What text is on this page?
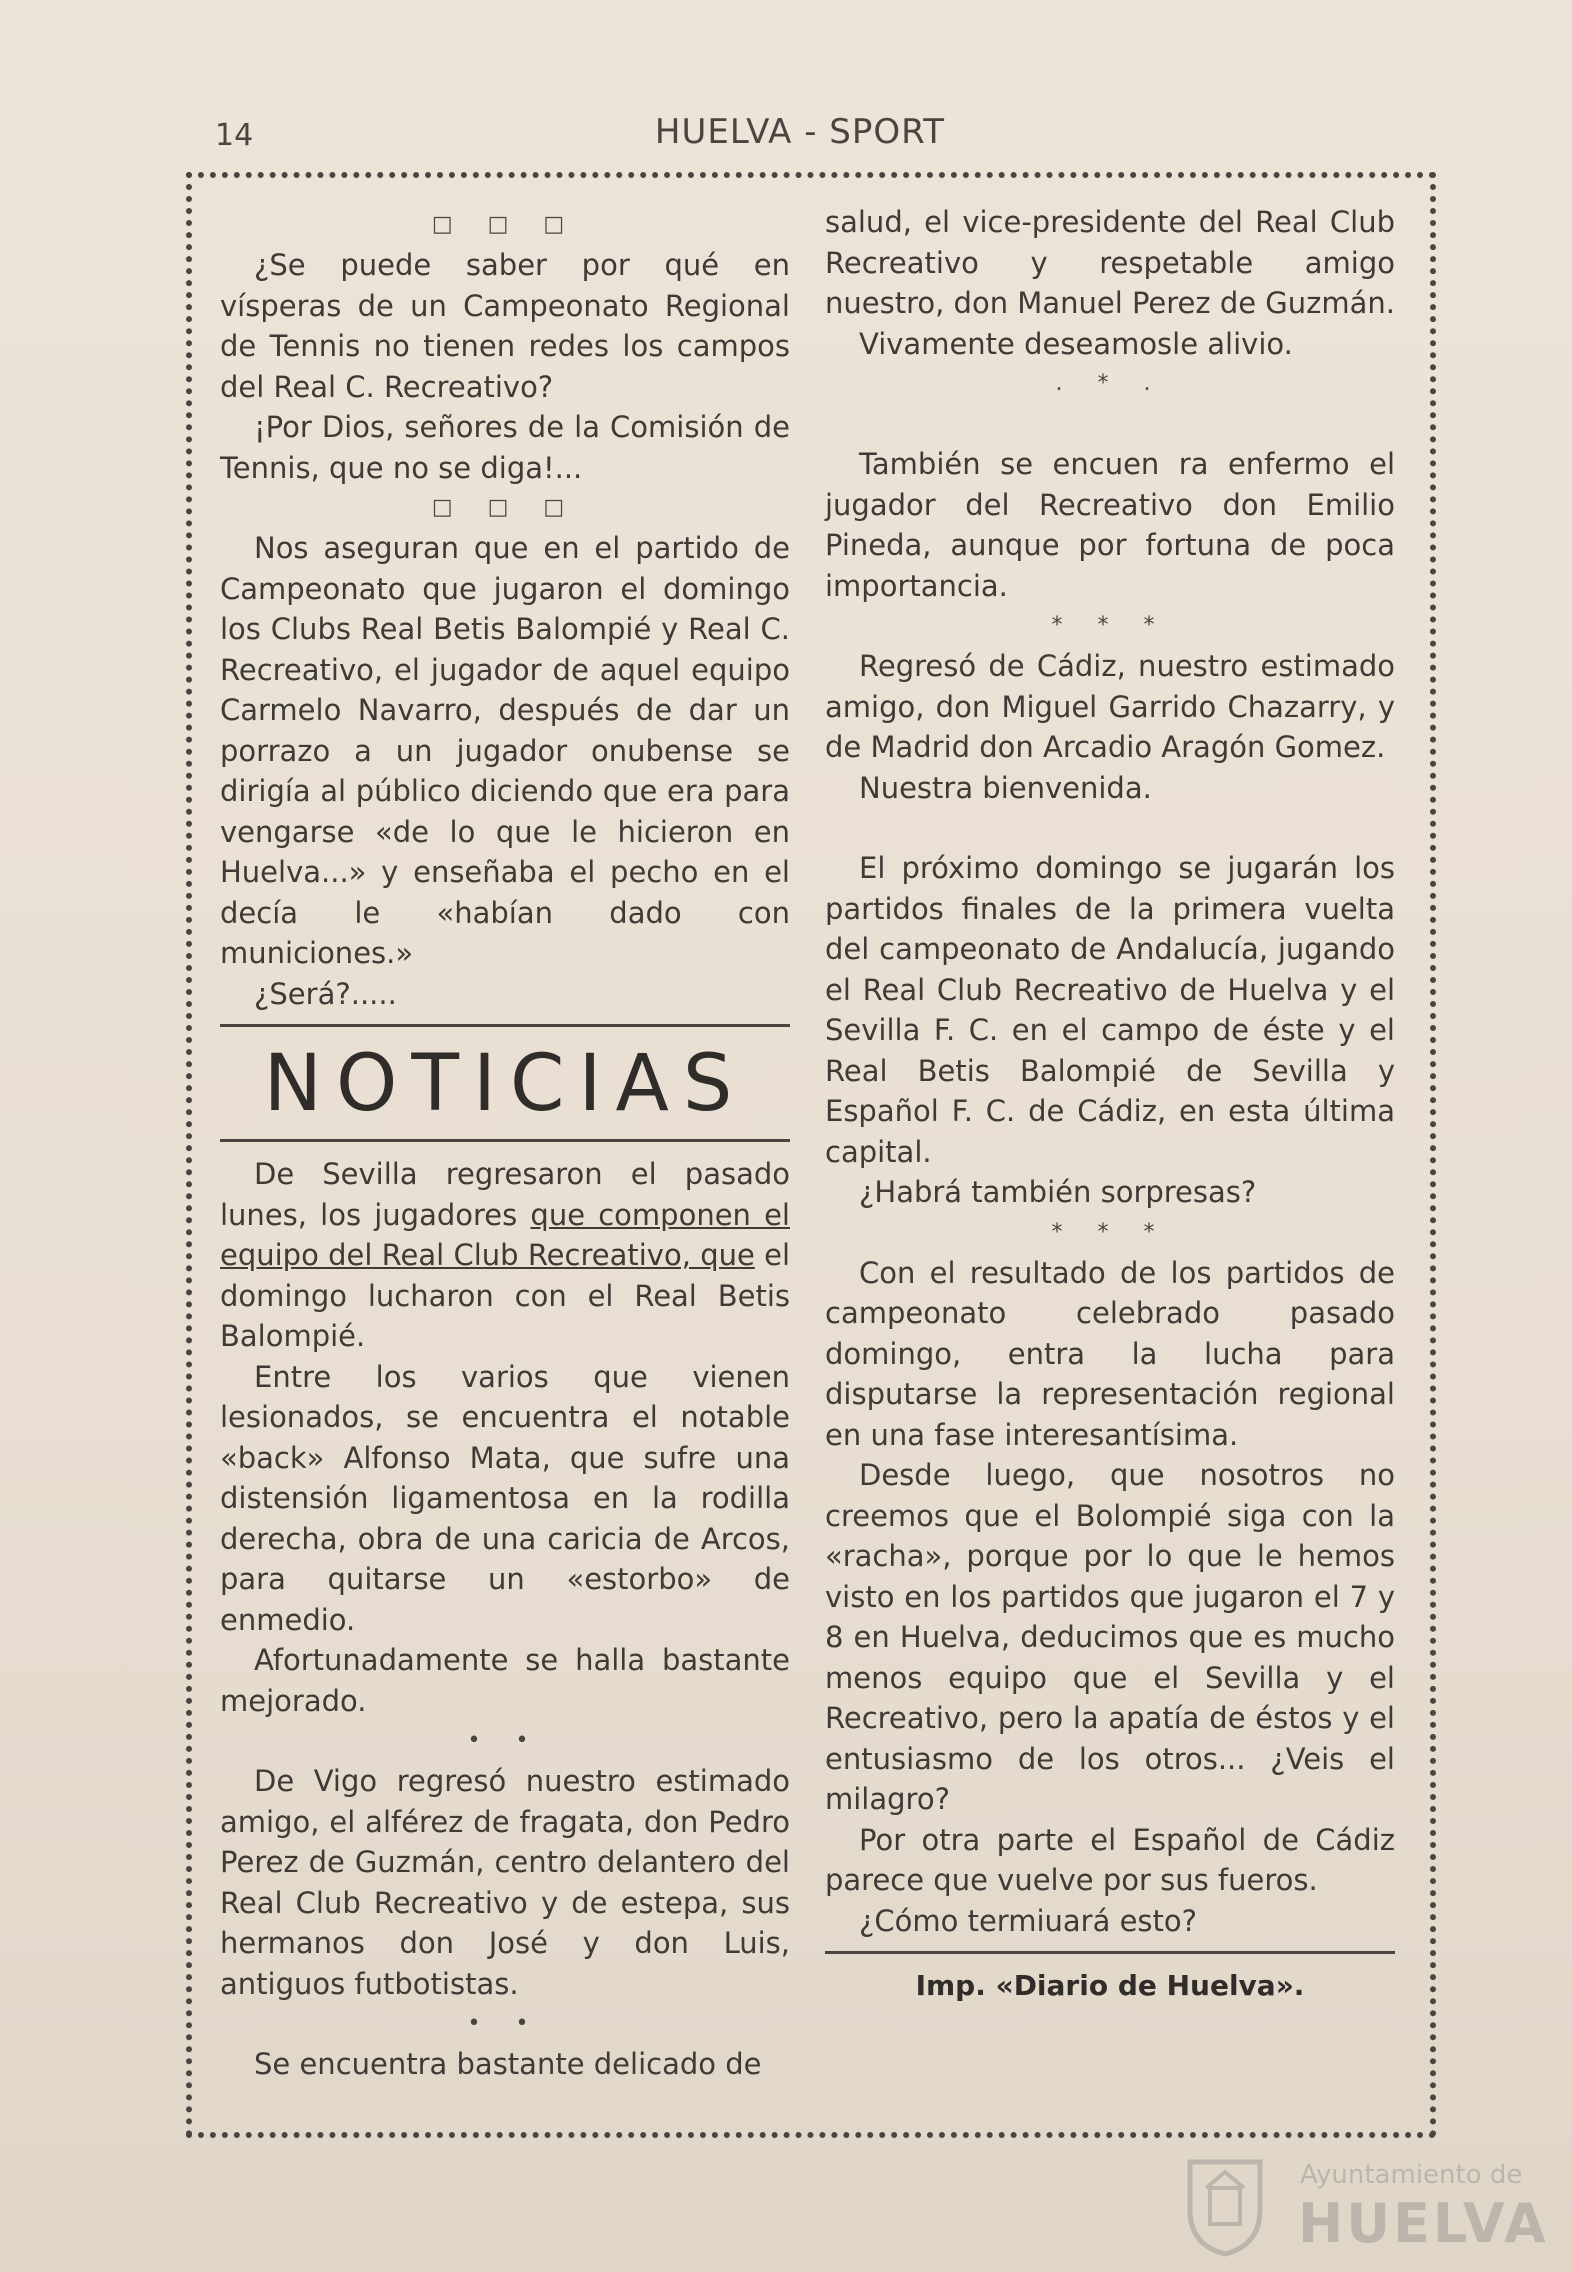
14	HUELVA - SPORT
□ □ □

¿Se puede saber por qué en vísperas de un Campeonato Regional de Tennis no tienen redes los campos del Real C. Recreativo?

¡Por Dios, señores de la Comisión de Tennis, que no se diga!...

□ □ □

Nos aseguran que en el partido de Campeonato que jugaron el domingo los Clubs Real Betis Balompié y Real C. Recreativo, el jugador de aquel equipo Carmelo Navarro, después de dar un porrazo a un jugador onubense se dirigía al público diciendo que era para vengarse «de lo que le hicieron en Huelva...» y enseñaba el pecho en el decía le «habían dado con municiones.»

¿Será?.....

NOTICIAS

De Sevilla regresaron el pasado lunes, los jugadores que componen el equipo del Real Club Recreativo, que el domingo lucharon con el Real Betis Balompié.

Entre los varios que vienen lesionados, se encuentra el notable «back» Alfonso Mata, que sufre una distensión ligamentosa en la rodilla derecha, obra de una caricia de Arcos, para quitarse un «estorbo» de enmedio.

Afortunadamente se halla bastante mejorado.

• •

De Vigo regresó nuestro estimado amigo, el alférez de fragata, don Pedro Perez de Guzmán, centro delantero del Real Club Recreativo y de estepa, sus hermanos don José y don Luis, antiguos futbotistas.

• •

Se encuentra bastante delicado de

salud, el vice-presidente del Real Club Recreativo y respetable amigo nuestro, don Manuel Perez de Guzmán.

Vivamente deseamosle alivio.

. * .

También se encuen ra enfermo el jugador del Recreativo don Emilio Pineda, aunque por fortuna de poca importancia.

* * *

Regresó de Cádiz, nuestro estimado amigo, don Miguel Garrido Chazarry, y de Madrid don Arcadio Aragón Gomez.

Nuestra bienvenida.

El próximo domingo se jugarán los partidos finales de la primera vuelta del campeonato de Andalucía, jugando el Real Club Recreativo de Huelva y el Sevilla F. C. en el campo de éste y el Real Betis Balompié de Sevilla y Español F. C. de Cádiz, en esta última capital.

¿Habrá también sorpresas?

* * *

Con el resultado de los partidos de campeonato celebrado pasado domingo, entra la lucha para disputarse la representación regional en una fase interesantísima.

Desde luego, que nosotros no creemos que el Bolompié siga con la «racha», porque por lo que le hemos visto en los partidos que jugaron el 7 y 8 en Huelva, deducimos que es mucho menos equipo que el Sevilla y el Recreativo, pero la apatía de éstos y el entusiasmo de los otros... ¿Veis el milagro?

Por otra parte el Español de Cádiz parece que vuelve por sus fueros.

¿Cómo termiuará esto?

Imp. «Diario de Huelva».
Ayuntamiento de
HUELVA
